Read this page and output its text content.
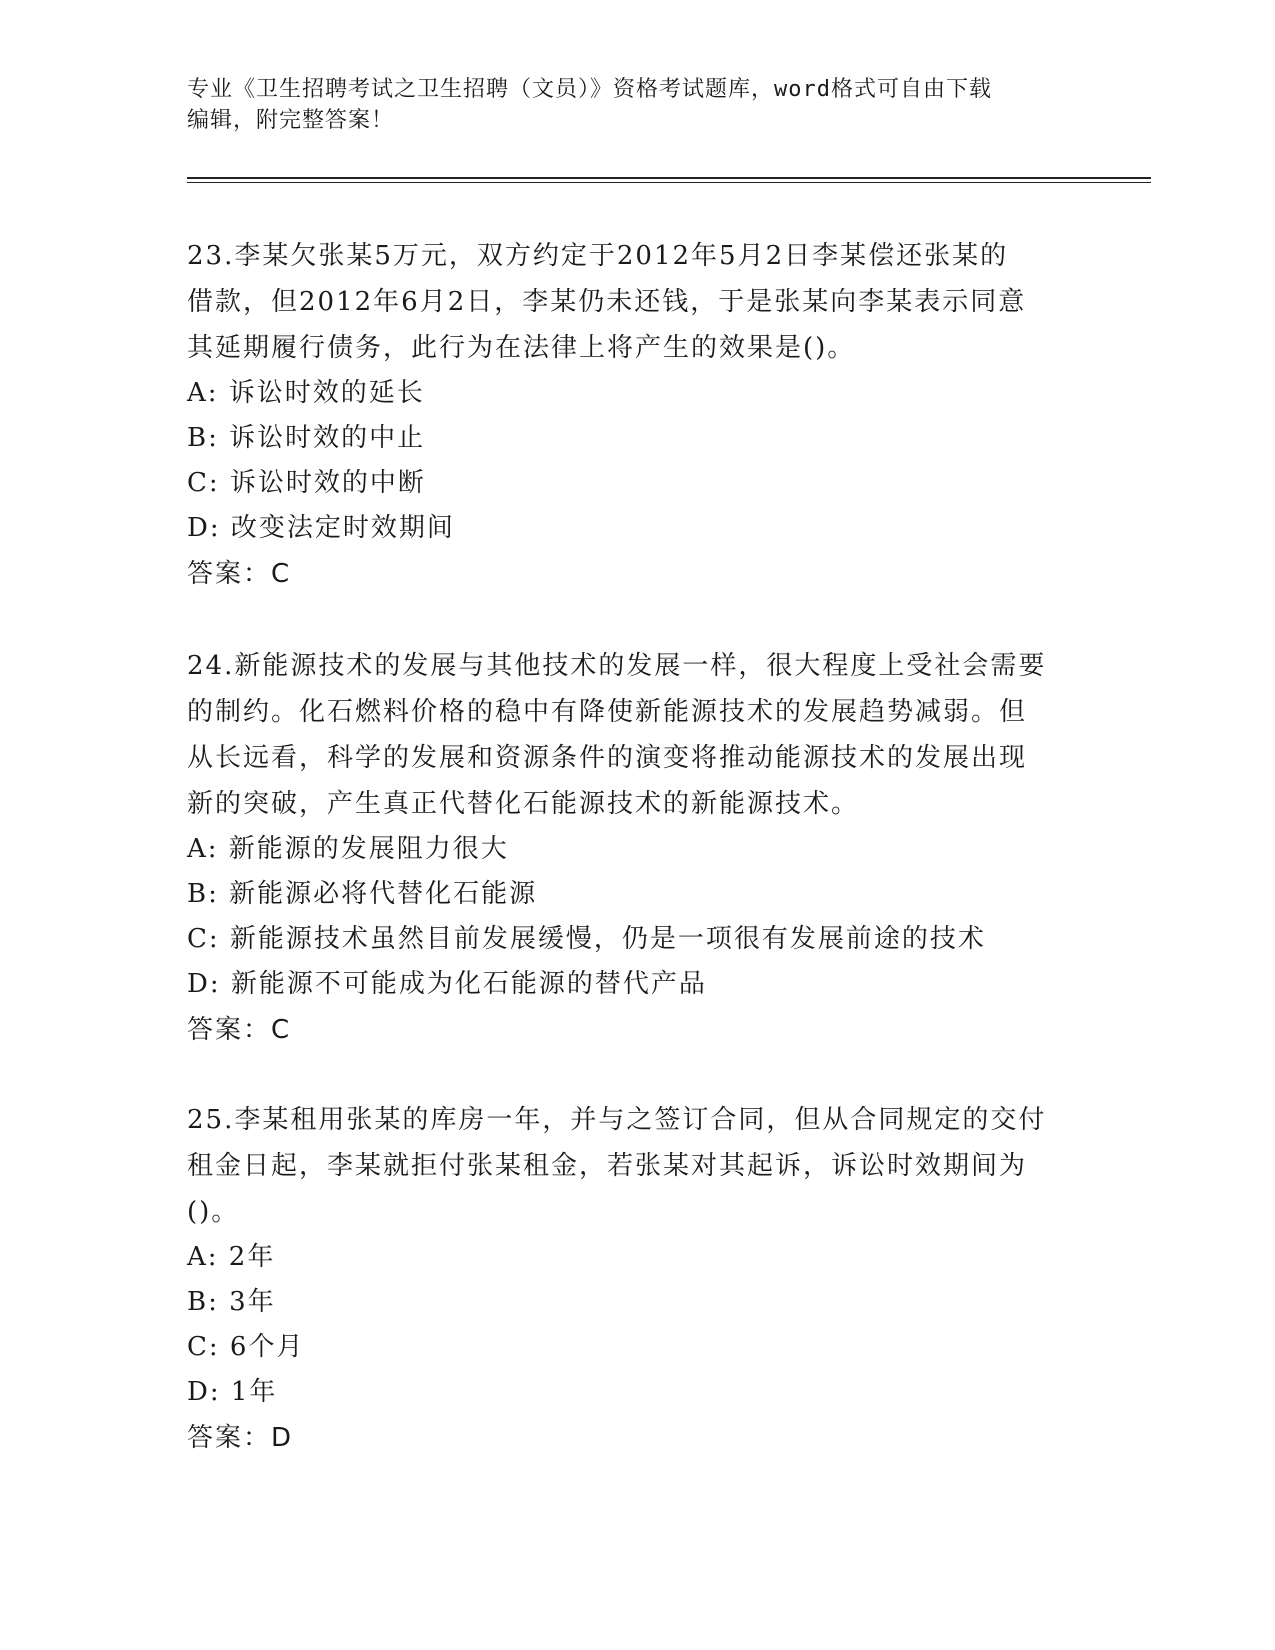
专业《卫生招聘考试之卫生招聘（文员）》资格考试题库，word格式可自由下载
编辑，附完整答案！

23.李某欠张某5万元，双方约定于2012年5月2日李某偿还张某的

借款，但2012年6月2日，李某仍未还钱，于是张某向李某表示同意

其延期履行债务，此行为在法律上将产生的效果是()。

A: 诉讼时效的延长

B: 诉讼时效的中止

C: 诉讼时效的中断

D: 改变法定时效期间

答案：C

24.新能源技术的发展与其他技术的发展一样，很大程度上受社会需要

的制约。化石燃料价格的稳中有降使新能源技术的发展趋势减弱。但

从长远看，科学的发展和资源条件的演变将推动能源技术的发展出现

新的突破，产生真正代替化石能源技术的新能源技术。

A: 新能源的发展阻力很大

B: 新能源必将代替化石能源

C: 新能源技术虽然目前发展缓慢，仍是一项很有发展前途的技术

D: 新能源不可能成为化石能源的替代产品

答案：C

25.李某租用张某的库房一年，并与之签订合同，但从合同规定的交付

租金日起，李某就拒付张某租金，若张某对其起诉，诉讼时效期间为

()。

A: 2年

B: 3年

C: 6个月

D: 1年

答案：D
